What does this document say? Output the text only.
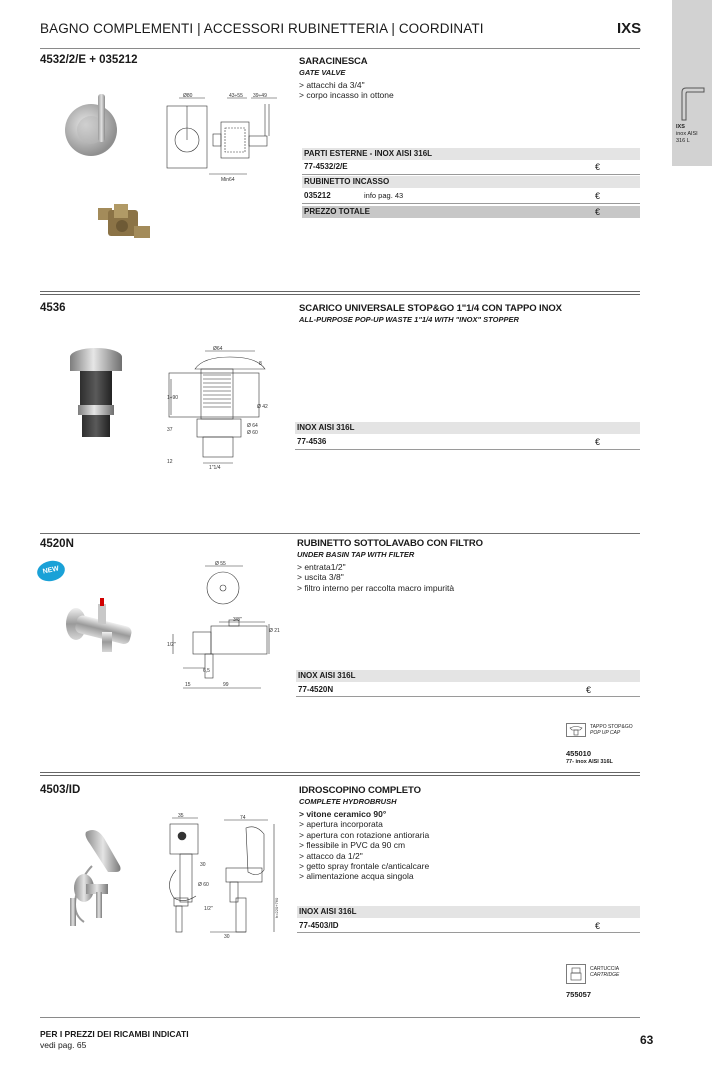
BAGNO COMPLEMENTI | ACCESSORI RUBINETTERIA | COORDINATI	IXS
IXS
inox AISI
316 L
4532/2/E + 035212	SARACINESCA
GATE VALVE
> attacchi da 3/4"
> corpo incasso in ottone
Ø80	43÷55 39÷49
Min64
PARTI ESTERNE - INOX AISI 316L
77-4532/2/E	€
RUBINETTO INCASSO
035212	info pag. 43	€
PREZZO TOTALE	€
4536	SCARICO UNIVERSALE STOP&GO 1"1/4 CON TAPPO INOX
ALL-PURPOSE POP-UP WASTE 1"1/4 WITH "INOX" STOPPER
Ø64
8
1÷90
Ø 42
Ø 64
Ø 60
37
12
1"1/4
INOX AISI 316L
77-4536	€
4520N
NEW
RUBINETTO SOTTOLAVABO CON FILTRO
UNDER BASIN TAP WITH FILTER
> entrata1/2"
> uscita 3/8"
> filtro interno per raccolta macro impurità
Ø 55
3/8"
1/2"
Ø 21
6,5
15	99
INOX AISI 316L
77-4520N	€
TAPPO STOP&GO
POP UP CAP
455010
77- inox AISI 316L
4503/ID	IDROSCOPINO COMPLETO
COMPLETE HYDROBRUSH
> vitone ceramico 90°
> apertura incorporata
> apertura con rotazione antioraria
> flessibile in PVC da 90 cm
> attacco da 1/2"
> getto spray frontale c/anticalcare
> alimentazione acqua singola
35	74
30
Ø 60
1/2"
30
h=220+760	INOX AISI 316L
77-4503/ID	€
CARTUCCIA
CARTRIDGE
755057
PER I PREZZI DEI RICAMBI INDICATI
vedi pag. 65	63
